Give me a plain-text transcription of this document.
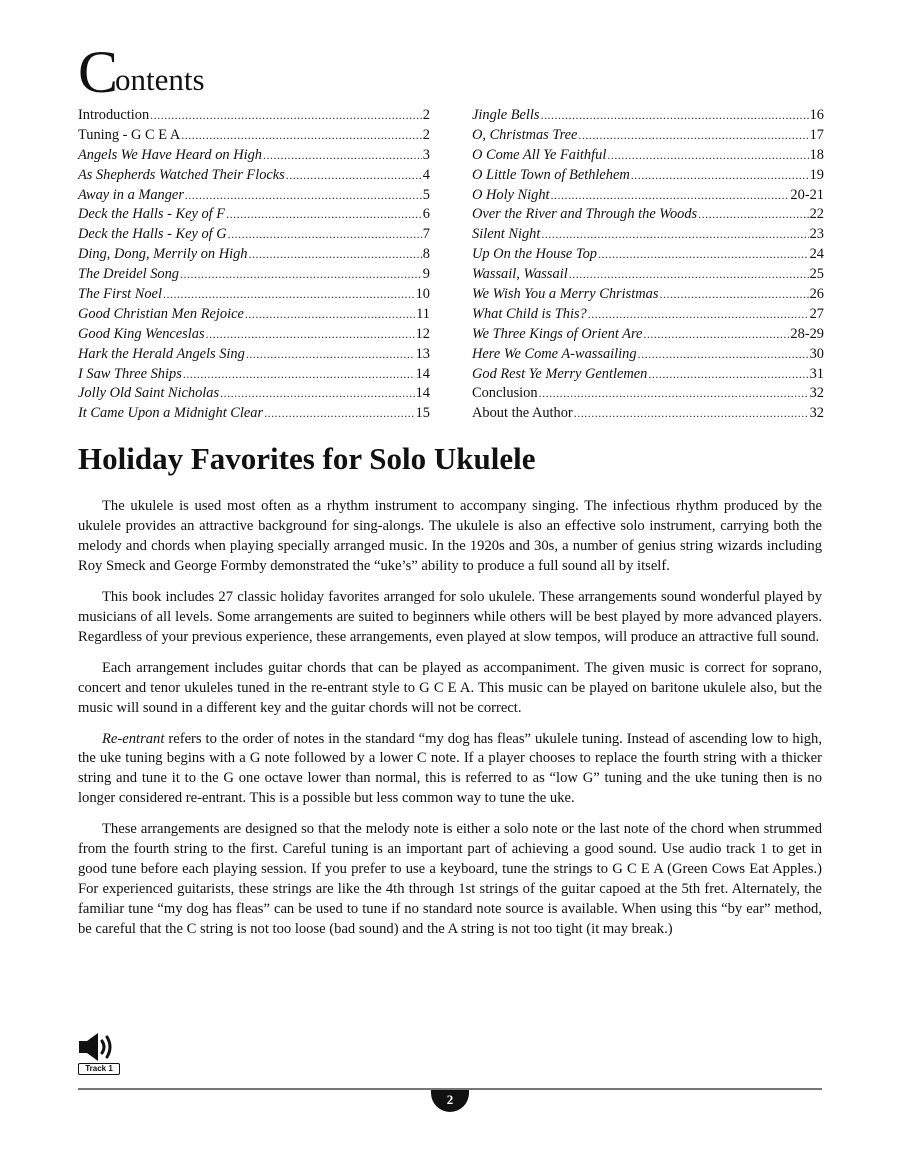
Contents
Introduction .....	2
Tuning - G C E A .....	2
Angels We Have Heard on High .....	3
As Shepherds Watched Their Flocks .....	4
Away in a Manger .....	5
Deck the Halls - Key of F .....	6
Deck the Halls - Key of G .....	7
Ding, Dong, Merrily on High .....	8
The Dreidel Song .....	9
The First Noel .....	10
Good Christian Men Rejoice .....	11
Good King Wenceslas .....	12
Hark the Herald Angels Sing .....	13
I Saw Three Ships .....	14
Jolly Old Saint Nicholas .....	14
It Came Upon a Midnight Clear .....	15
Jingle Bells .....	16
O, Christmas Tree .....	17
O Come All Ye Faithful .....	18
O Little Town of Bethlehem .....	19
O Holy Night .....	20-21
Over the River and Through the Woods .....	22
Silent Night .....	23
Up On the House Top .....	24
Wassail, Wassail .....	25
We Wish You a Merry Christmas .....	26
What Child is This? .....	27
We Three Kings of Orient Are .....	28-29
Here We Come A-wassailing .....	30
God Rest Ye Merry Gentlemen .....	31
Conclusion .....	32
About the Author .....	32
Holiday Favorites for Solo Ukulele

The ukulele is used most often as a rhythm instrument to accompany singing. The infectious rhythm produced by the ukulele provides an attractive background for sing-alongs. The ukulele is also an effective solo instrument, carrying both the melody and chords when playing specially arranged music. In the 1920s and 30s, a number of genius string wizards including Roy Smeck and George Formby demonstrated the “uke’s” ability to produce a full sound all by itself.

This book includes 27 classic holiday favorites arranged for solo ukulele. These arrangements sound wonderful played by musicians of all levels. Some arrangements are suited to beginners while others will be best played by more advanced players. Regardless of your previous experience, these arrangements, even played at slow tempos, will produce an attractive full sound.

Each arrangement includes guitar chords that can be played as accompaniment. The given music is correct for soprano, concert and tenor ukuleles tuned in the re-entrant style to G C E A. This music can be played on baritone ukulele also, but the music will sound in a different key and the guitar chords will not be correct.

Re-entrant refers to the order of notes in the standard “my dog has fleas” ukulele tuning. Instead of ascending low to high, the uke tuning begins with a G note followed by a lower C note. If a player chooses to replace the fourth string with a thicker string and tune it to the G one octave lower than normal, this is referred to as “low G” tuning and the uke tuning then is no longer considered re-entrant. This is a possible but less common way to tune the uke.

These arrangements are designed so that the melody note is either a solo note or the last note of the chord when strummed from the fourth string to the first. Careful tuning is an important part of achieving a good sound. Use audio track 1 to get in good tune before each playing session. If you prefer to use a keyboard, tune the strings to G C E A (Green Cows Eat Apples.) For experienced guitarists, these strings are like the 4th through 1st strings of the guitar capoed at the 5th fret. Alternately, the familiar tune “my dog has fleas” can be used to tune if no standard note source is available. When using this “by ear” method, be careful that the C string is not too loose (bad sound) and the A string is not too tight (it may break.)

Track 1
2
